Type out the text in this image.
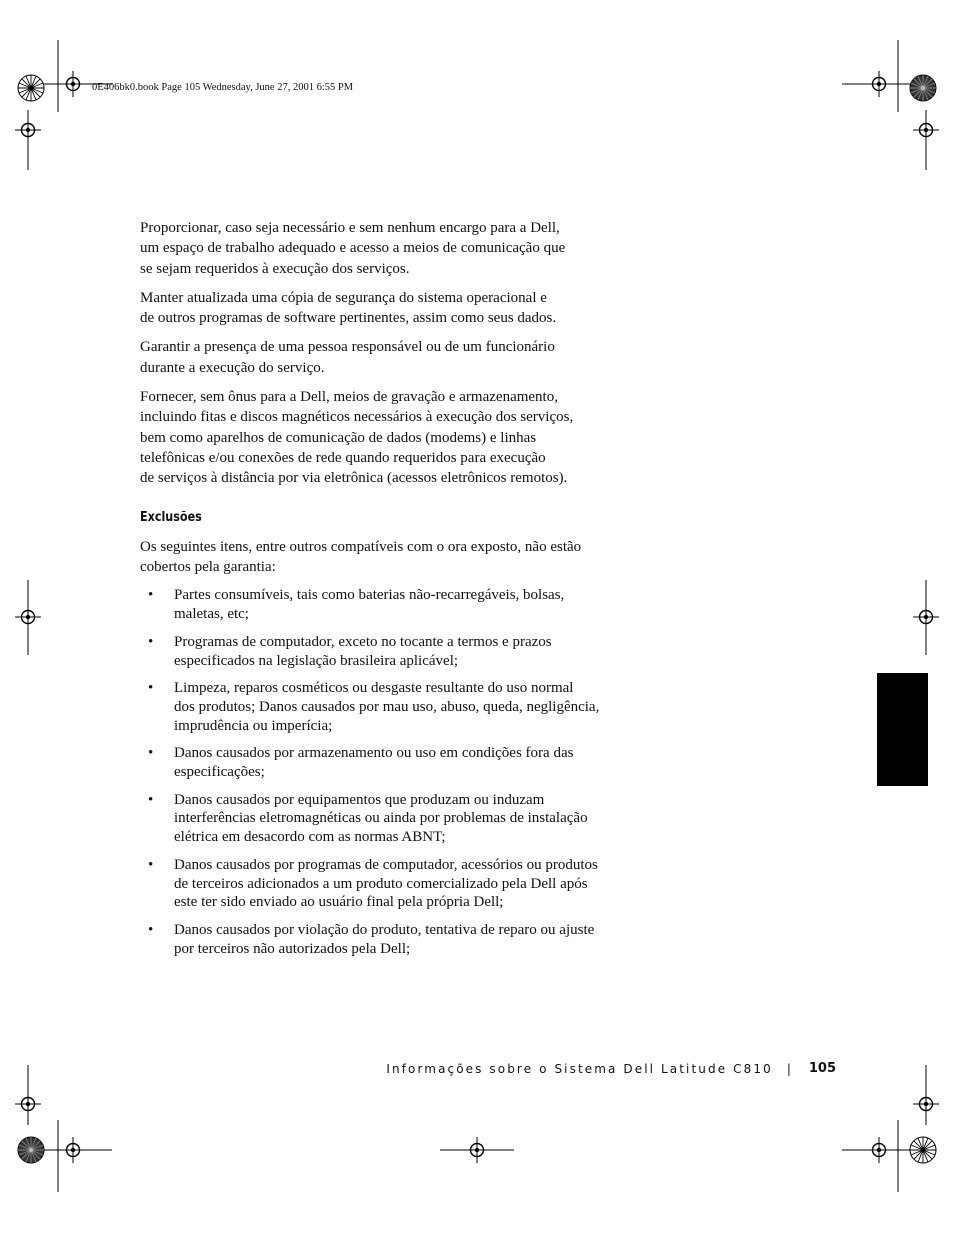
0E406bk0.book Page 105 Wednesday, June 27, 2001 6:55 PM

Proporcionar, caso seja necessário e sem nenhum encargo para a Dell,
um espaço de trabalho adequado e acesso a meios de comunicação que
se sejam requeridos à execução dos serviços.

Manter atualizada uma cópia de segurança do sistema operacional e
de outros programas de software pertinentes, assim como seus dados.

Garantir a presença de uma pessoa responsável ou de um funcionário
durante a execução do serviço.

Fornecer, sem ônus para a Dell, meios de gravação e armazenamento,
incluindo fitas e discos magnéticos necessários à execução dos serviços,
bem como aparelhos de comunicação de dados (modems) e linhas
telefônicas e/ou conexões de rede quando requeridos para execução
de serviços à distância por via eletrônica (acessos eletrônicos remotos).

Exclusões

Os seguintes itens, entre outros compatíveis com o ora exposto, não estão
cobertos pela garantia:

• Partes consumíveis, tais como baterias não-recarregáveis, bolsas,
maletas, etc;
• Programas de computador, exceto no tocante a termos e prazos
especificados na legislação brasileira aplicável;
• Limpeza, reparos cosméticos ou desgaste resultante do uso normal
dos produtos; Danos causados por mau uso, abuso, queda, negligência,
imprudência ou imperícia;
• Danos causados por armazenamento ou uso em condições fora das
especificações;
• Danos causados por equipamentos que produzam ou induzam
interferências eletromagnéticas ou ainda por problemas de instalação
elétrica em desacordo com as normas ABNT;
• Danos causados por programas de computador, acessórios ou produtos
de terceiros adicionados a um produto comercializado pela Dell após
este ter sido enviado ao usuário final pela própria Dell;
• Danos causados por violação do produto, tentativa de reparo ou ajuste
por terceiros não autorizados pela Dell;
Informações sobre o Sistema Dell Latitude C810 | 105
